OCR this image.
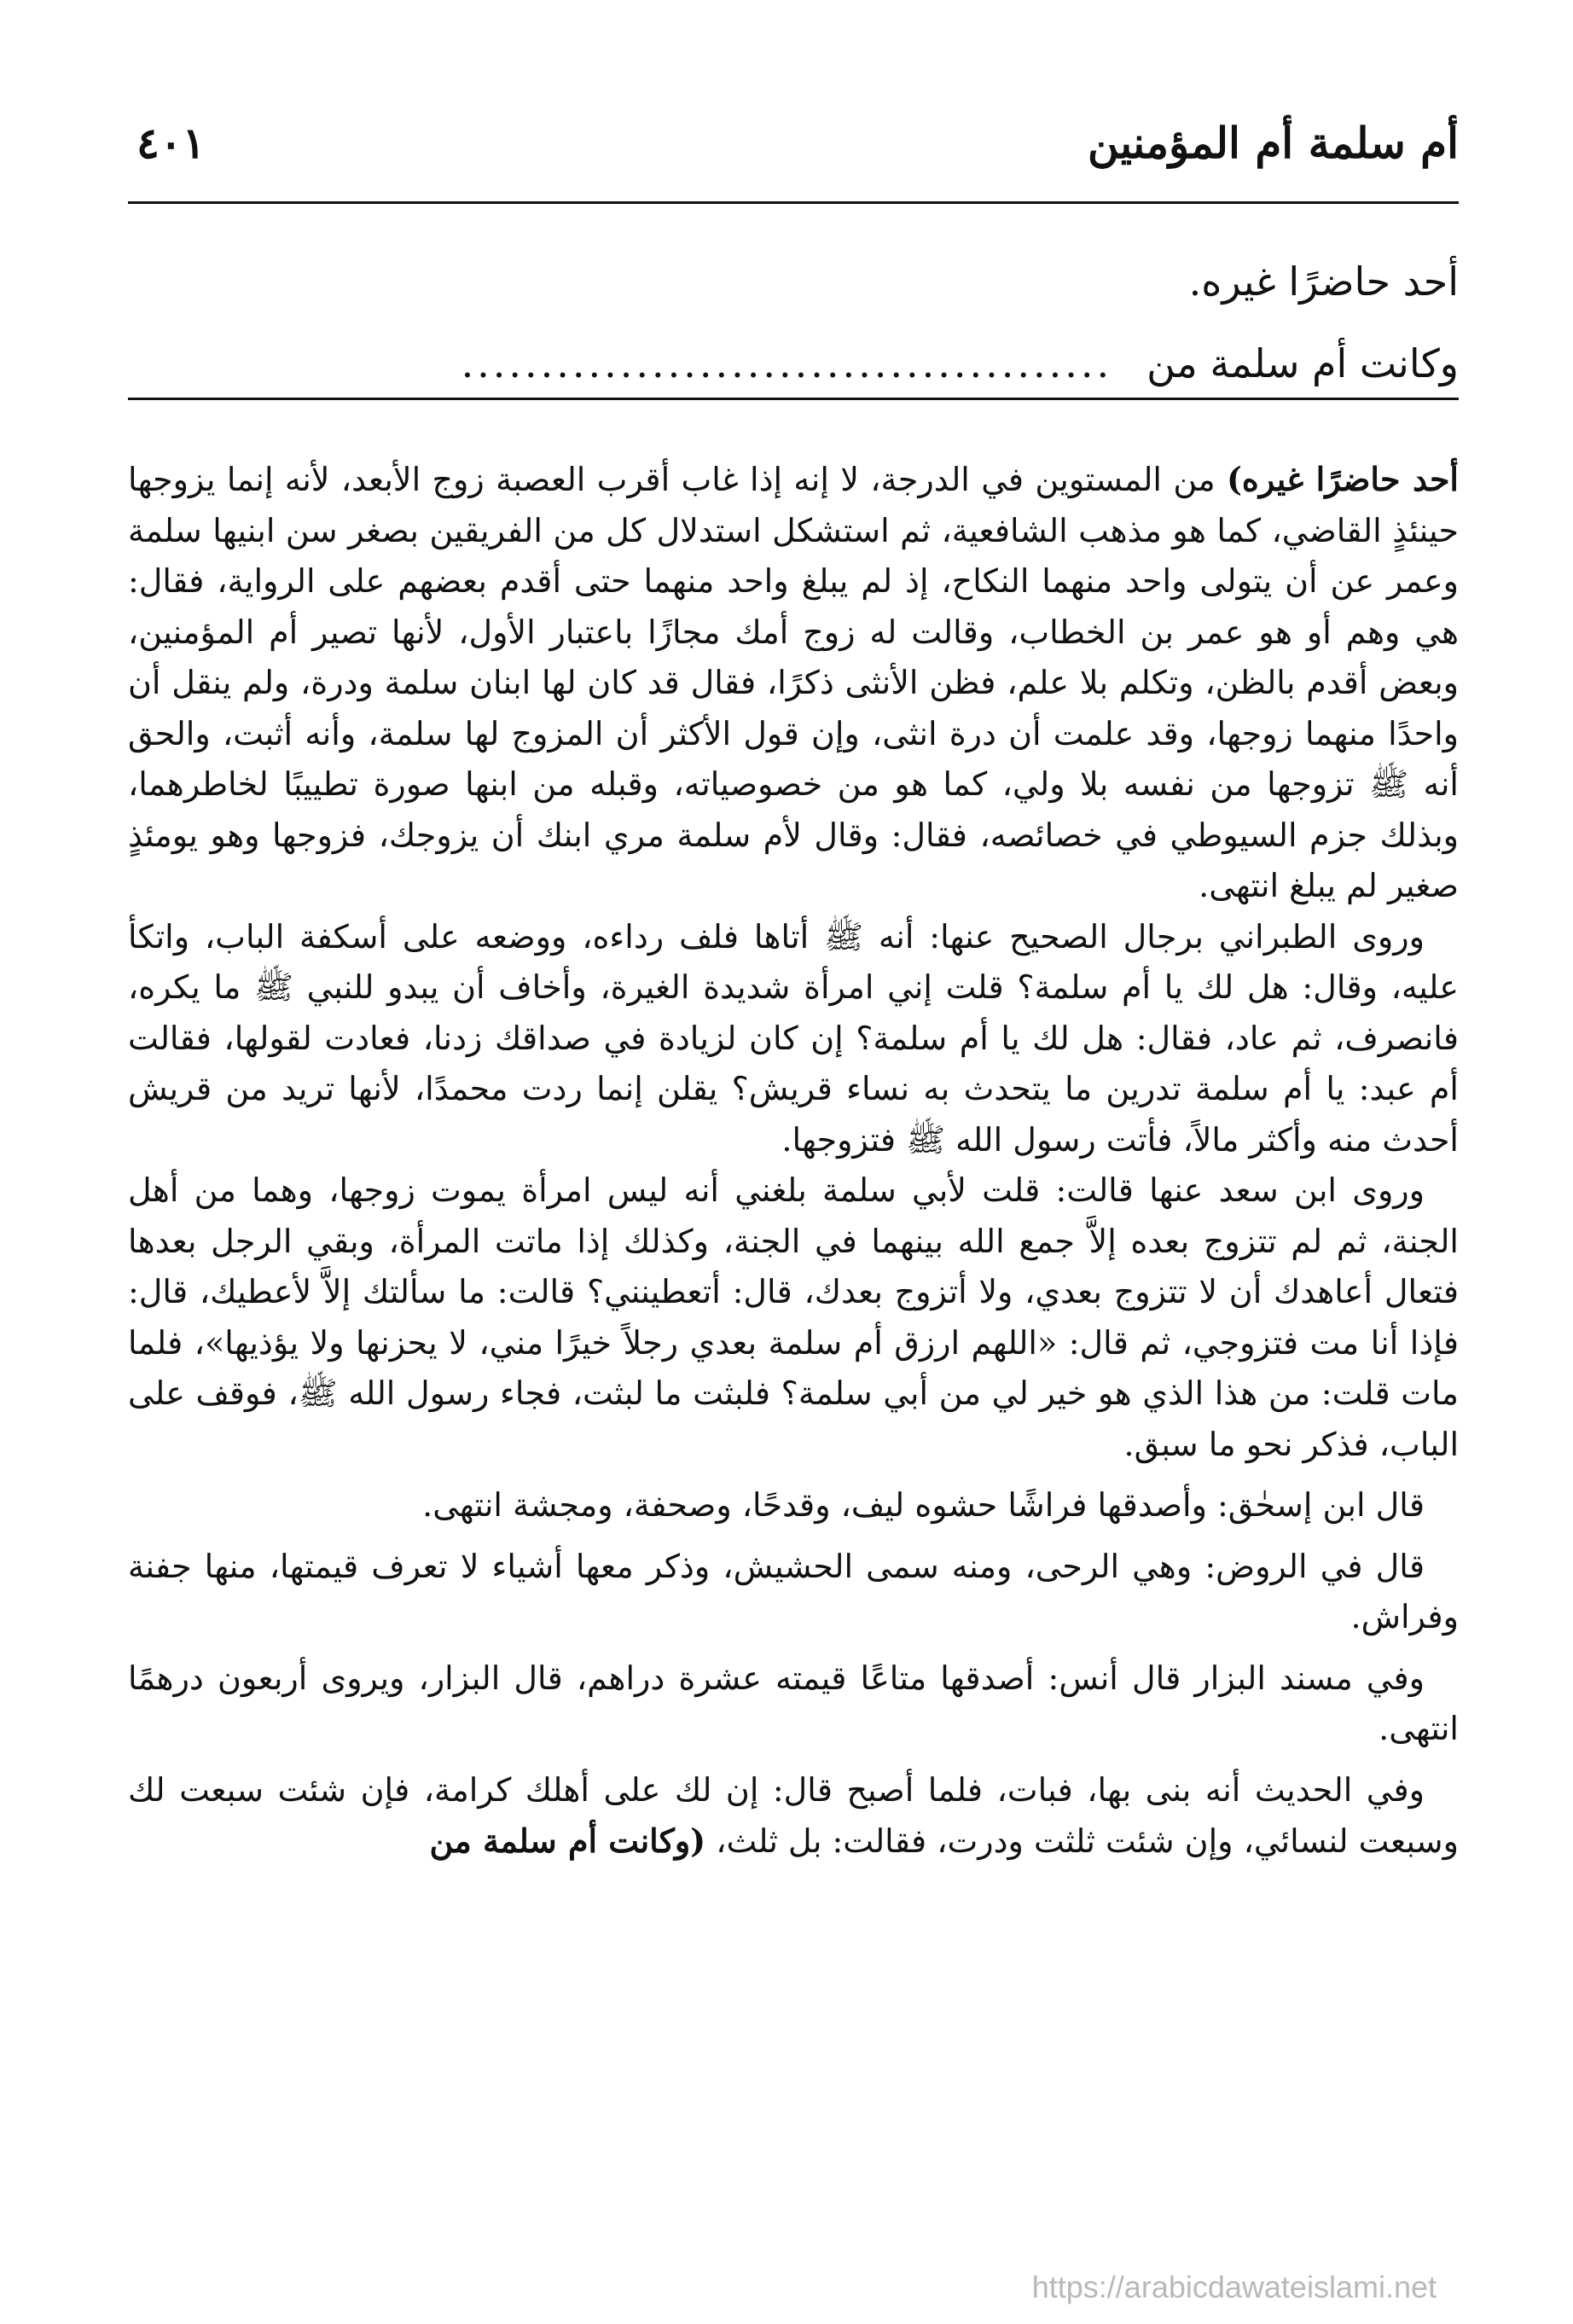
أم سلمة أم المؤمنين
٤٠١
أحد حاضرًا غيره.
وكانت أم سلمة من.........................................

أحد حاضرًا غيره) من المستوين في الدرجة، لا إنه إذا غاب أقرب العصبة زوج الأبعد، لأنه إنما يزوجها حينئذٍ القاضي، كما هو مذهب الشافعية، ثم استشكل استدلال كل من الفريقين بصغر سن ابنيها سلمة وعمر عن أن يتولى واحد منهما النكاح، إذ لم يبلغ واحد منهما حتى أقدم بعضهم على الرواية، فقال: هي وهم أو هو عمر بن الخطاب، وقالت له زوج أمك مجازًا باعتبار الأول، لأنها تصير أم المؤمنين، وبعض أقدم بالظن، وتكلم بلا علم، فظن الأنثى ذكرًا، فقال قد كان لها ابنان سلمة ودرة، ولم ينقل أن واحدًا منهما زوجها، وقد علمت أن درة انثى، وإن قول الأكثر أن المزوج لها سلمة، وأنه أثبت، والحق أنه ﷺ تزوجها من نفسه بلا ولي، كما هو من خصوصياته، وقبله من ابنها صورة تطييبًا لخاطرهما، وبذلك جزم السيوطي في خصائصه، فقال: وقال لأم سلمة مري ابنك أن يزوجك، فزوجها وهو يومئذٍ صغير لم يبلغ انتهى.

وروى الطبراني برجال الصحيح عنها: أنه ﷺ أتاها فلف رداءه، ووضعه على أسكفة الباب، واتكأ عليه، وقال: هل لك يا أم سلمة؟ قلت إني امرأة شديدة الغيرة، وأخاف أن يبدو للنبي ﷺ ما يكره، فانصرف، ثم عاد، فقال: هل لك يا أم سلمة؟ إن كان لزيادة في صداقك زدنا، فعادت لقولها، فقالت أم عبد: يا أم سلمة تدرين ما يتحدث به نساء قريش؟ يقلن إنما ردت محمدًا، لأنها تريد من قريش أحدث منه وأكثر مالاً، فأتت رسول الله ﷺ فتزوجها.

وروى ابن سعد عنها قالت: قلت لأبي سلمة بلغني أنه ليس امرأة يموت زوجها، وهما من أهل الجنة، ثم لم تتزوج بعده إلاَّ جمع الله بينهما في الجنة، وكذلك إذا ماتت المرأة، وبقي الرجل بعدها فتعال أعاهدك أن لا تتزوج بعدي، ولا أتزوج بعدك، قال: أتعطينني؟ قالت: ما سألتك إلاَّ لأعطيك، قال: فإذا أنا مت فتزوجي، ثم قال: «اللهم ارزق أم سلمة بعدي رجلاً خيرًا مني، لا يحزنها ولا يؤذيها»، فلما مات قلت: من هذا الذي هو خير لي من أبي سلمة؟ فلبثت ما لبثت، فجاء رسول الله ﷺ، فوقف على الباب، فذكر نحو ما سبق.

قال ابن إسحٰق: وأصدقها فراشًا حشوه ليف، وقدحًا، وصحفة، ومجشة انتهى.

قال في الروض: وهي الرحى، ومنه سمى الحشيش، وذكر معها أشياء لا تعرف قيمتها، منها جفنة وفراش.

وفي مسند البزار قال أنس: أصدقها متاعًا قيمته عشرة دراهم، قال البزار، ويروى أربعون درهمًا انتهى.

وفي الحديث أنه بنى بها، فبات، فلما أصبح قال: إن لك على أهلك كرامة، فإن شئت سبعت لك وسبعت لنسائي، وإن شئت ثلثت ودرت، فقالت: بل ثلث، (وكانت أم سلمة من

https://arabicdawateislami.net
